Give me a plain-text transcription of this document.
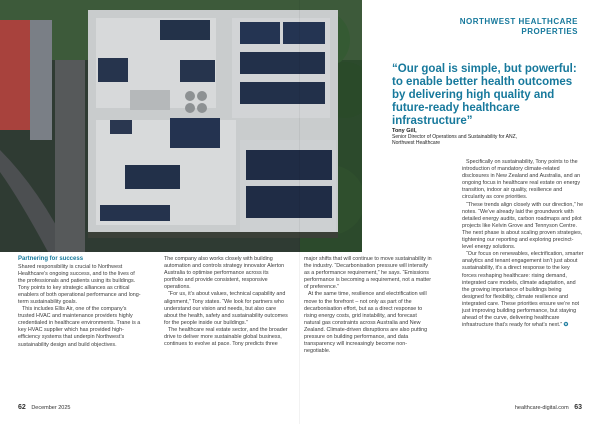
NORTHWEST HEALTHCARE PROPERTIES
“Our goal is simple, but powerful: to enable better health outcomes by delivering high quality and future-ready healthcare infrastructure”
Tony Gill,
Senior Director of Operations and Sustainability for ANZ,
Northwest Healthcare
Partnering for success

Shared responsibility is crucial to Northwest Healthcare’s ongoing success, and to the lives of the professionals and patients using its buildings. Tony points to key strategic alliances as critical enablers of both operational performance and long-term sustainability goals.

This includes Ellis Air, one of the company’s trusted HVAC and maintenance providers highly credentialed in healthcare environments. Trane is a key HVAC supplier which has provided high-efficiency systems that underpin Northwest’s sustainability design and build objectives.

The company also works closely with building automation and controls strategy innovator Alerton Australia to optimise performance across its portfolio and provide consistent, responsive operations.

“For us, it’s about values, technical capability and alignment,” Tony states. “We look for partners who understand our vision and needs, but also care about the health, safety and sustainability outcomes for the people inside our buildings.”

The healthcare real estate sector, and the broader drive to deliver more sustainable global business, continues to evolve at pace. Tony predicts three

major shifts that will continue to move sustainability in the industry. “Decarbonisation pressure will intensify as a performance requirement,” he says. “Emissions performance is becoming a requirement, not a matter of preference.”

At the same time, resilience and electrification will move to the forefront – not only as part of the decarbonisation effort, but as a direct response to rising energy costs, grid instability, and forecast natural gas constraints across Australia and New Zealand. Climate-driven disruptions are also putting pressure on building performance, and data transparency will increasingly become non-negotiable.

Specifically on sustainability, Tony points to the introduction of mandatory climate-related disclosures in New Zealand and Australia, and an ongoing focus in healthcare real estate on energy transition, indoor air quality, resilience and circularity as core priorities.

“These trends align closely with our direction,” he notes. “We’ve already laid the groundwork with detailed energy audits, carbon roadmaps and pilot projects like Kelvin Grove and Tennyson Centre. The next phase is about scaling proven strategies, tightening our reporting and exploring precinct-level energy solutions.

“Our focus on renewables, electrification, smarter analytics and tenant engagement isn’t just about sustainability, it’s a direct response to the key forces reshaping healthcare: rising demand, integrated care models, climate adaptation, and the growing importance of buildings being designed for flexibility, climate resilience and integrated care. These priorities ensure we’re not just improving building performance, but staying ahead of the curve, delivering healthcare infrastructure that’s ready for what’s next.” ✪

62 December 2025	healthcare-digital.com 63
